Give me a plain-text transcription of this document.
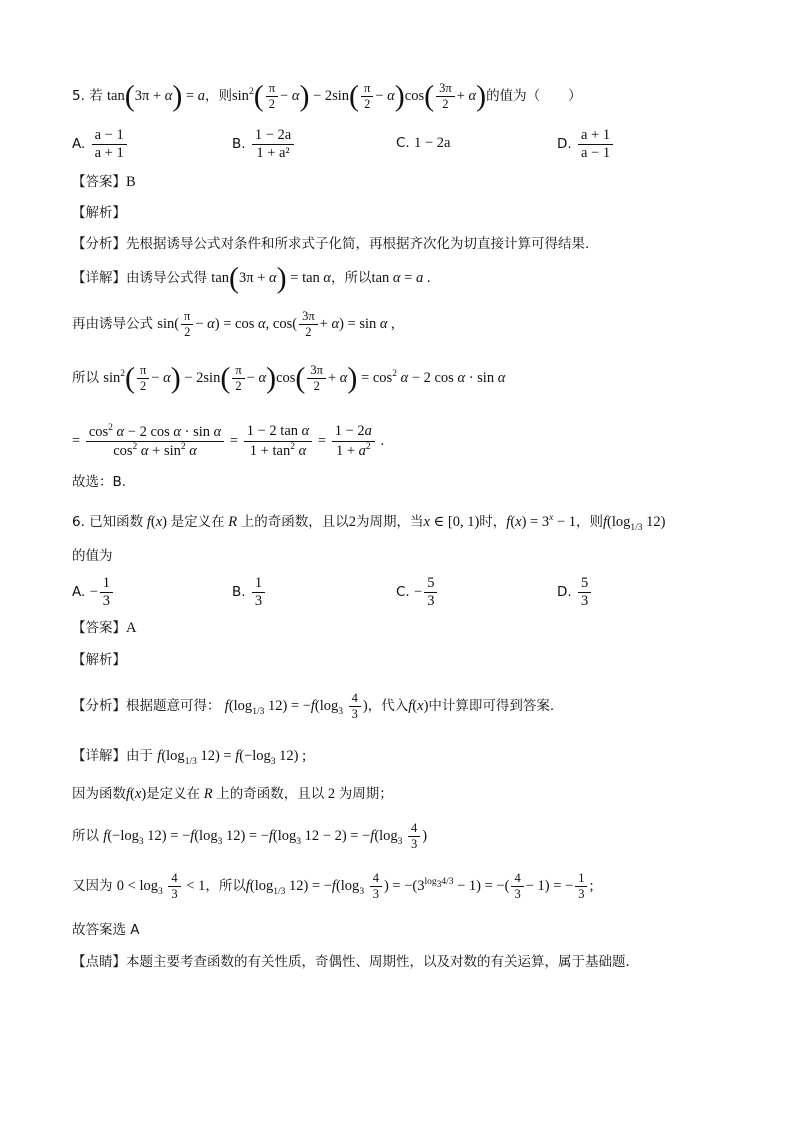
5. 若 tan(3π + α) = a，则$\sin^2( \frac{\pi}{2} - \alpha) - 2\sin( \frac{\pi}{2} - \alpha)\cos( \frac{3\pi}{2} + \alpha)$的值为（ ）
A. $\frac{a - 1}{a + 1}$	B. $\frac{1 - 2a}{\text{1 + a²}}$	C. 1 − 2a	D. $\frac{a + 1}{a - 1}$
【答案】B
【解析】
【分析】先根据诱导公式对条件和所求式子化简，再根据齐次化为切直接计算可得结果.
【详解】由诱导公式得 tan(3π + α) = tan α，所以tan α = a .
再由诱导公式 $\sin( \frac{\pi}{2} - \alpha) = \cos \alpha$, $\cos( \frac{3\pi}{2} + \alpha) = \sin \alpha$ ,
所以 $\sin^2( \frac{\pi}{2} - \alpha) - 2\sin( \frac{\pi}{2} - \alpha)\cos( \frac{3\pi}{2} + \alpha) = \cos^2 \alpha - 2$ cos α · sin α
= $\frac{\cos^2 \alpha - 2 \cos \alpha \cdot \sin \alpha}{\cos^2 \alpha + \sin^2 \alpha} = \frac{\text{1 − 2 tan α}}{1 + \tan^2 \alpha} = \frac{1 - 2a}{1 + a^2}$ .
故选：B.
6. 已知函数 f(x) 是定义在 R 上的奇函数，且以2为周期，当x ∈ [0, 1)时，$f(x) = 3^x - 1$，则$f(\log_{1/3}$ 12)
的值为
A. − $\frac{1}{3}$	B. $\frac{1}{3}$	C. − $\frac{5}{3}$	D. $\frac{5}{3}$
【答案】A
【解析】
【分析】根据题意可得： $f(\log_{1/3}$ $12) = -f(\log_3 \frac{4}{3}$ )，代入f(x)中计算即可得到答案.
【详解】由于 $f(\log_{1/3}$ $12) = f(-\log_3$ 12) ;
因为函数f(x)是定义在 R 上的奇函数，且以 2 为周期；
所以 $f(-\log_3$ $12) = -f(\log_3$ $12) = -f(\log_3$ $12 - 2) = -f(\log_3 \frac{4}{3}$ )
又因为 $0 < \log_3 \frac{4}{3} < 1$，所以$f(\log_{1/3}$ $12) = -f(\log_3 \frac{4}{3}$ ) = $-(3^{log_34/3} - 1)$ = −( $\frac{4}{3} - 1$) = − $\frac{1}{3}$ ;
故答案选 A
【点睛】本题主要考查函数的有关性质，奇偶性、周期性，以及对数的有关运算，属于基础题.
